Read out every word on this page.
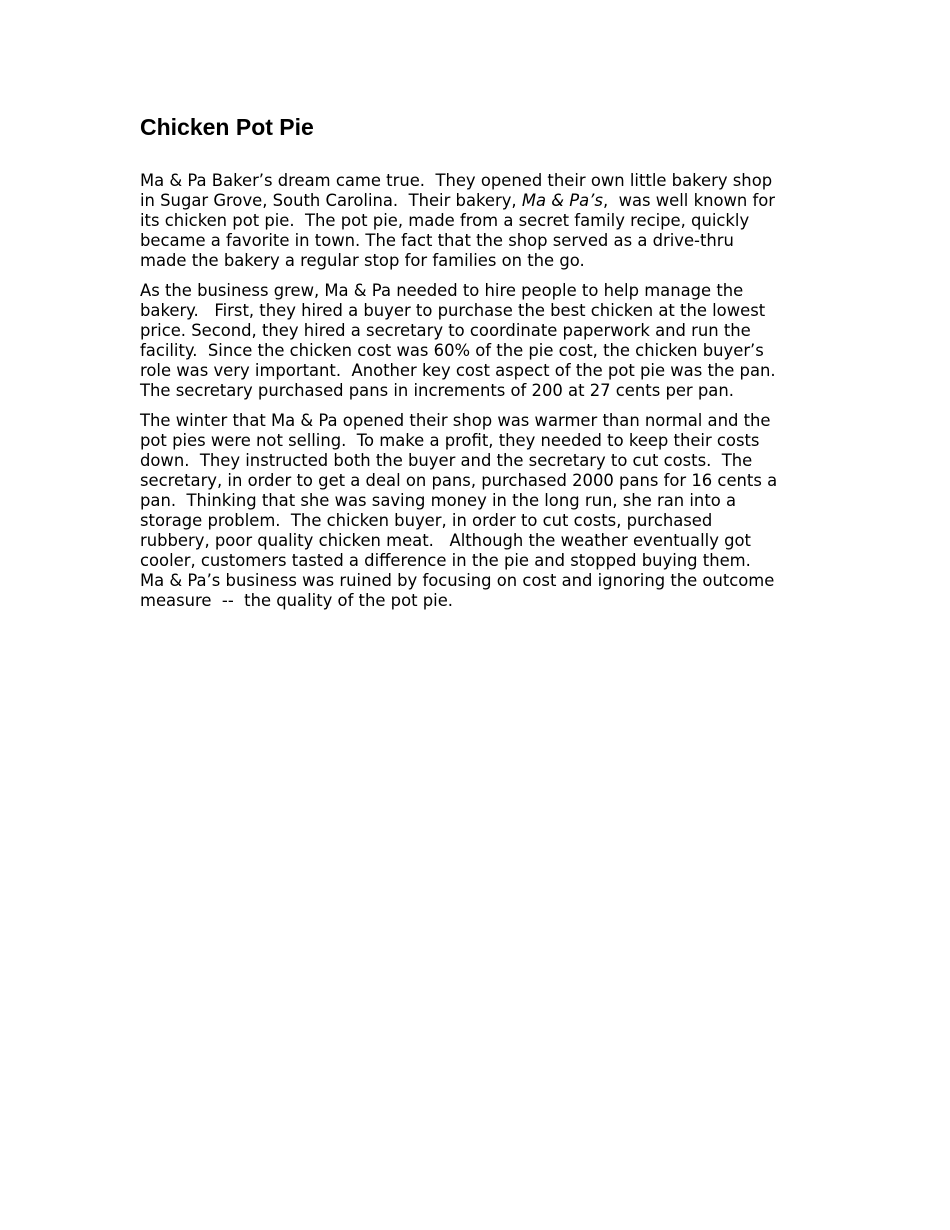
Chicken Pot Pie

Ma & Pa Baker’s dream came true.  They opened their own little bakery shop
in Sugar Grove, South Carolina.  Their bakery, Ma & Pa’s,  was well known for
its chicken pot pie.  The pot pie, made from a secret family recipe, quickly
became a favorite in town. The fact that the shop served as a drive-thru
made the bakery a regular stop for families on the go.

As the business grew, Ma & Pa needed to hire people to help manage the
bakery.   First, they hired a buyer to purchase the best chicken at the lowest
price. Second, they hired a secretary to coordinate paperwork and run the
facility.  Since the chicken cost was 60% of the pie cost, the chicken buyer’s
role was very important.  Another key cost aspect of the pot pie was the pan.
The secretary purchased pans in increments of 200 at 27 cents per pan.

The winter that Ma & Pa opened their shop was warmer than normal and the
pot pies were not selling.  To make a profit, they needed to keep their costs
down.  They instructed both the buyer and the secretary to cut costs.  The
secretary, in order to get a deal on pans, purchased 2000 pans for 16 cents a
pan.  Thinking that she was saving money in the long run, she ran into a
storage problem.  The chicken buyer, in order to cut costs, purchased
rubbery, poor quality chicken meat.   Although the weather eventually got
cooler, customers tasted a difference in the pie and stopped buying them.
Ma & Pa’s business was ruined by focusing on cost and ignoring the outcome
measure  --  the quality of the pot pie.
